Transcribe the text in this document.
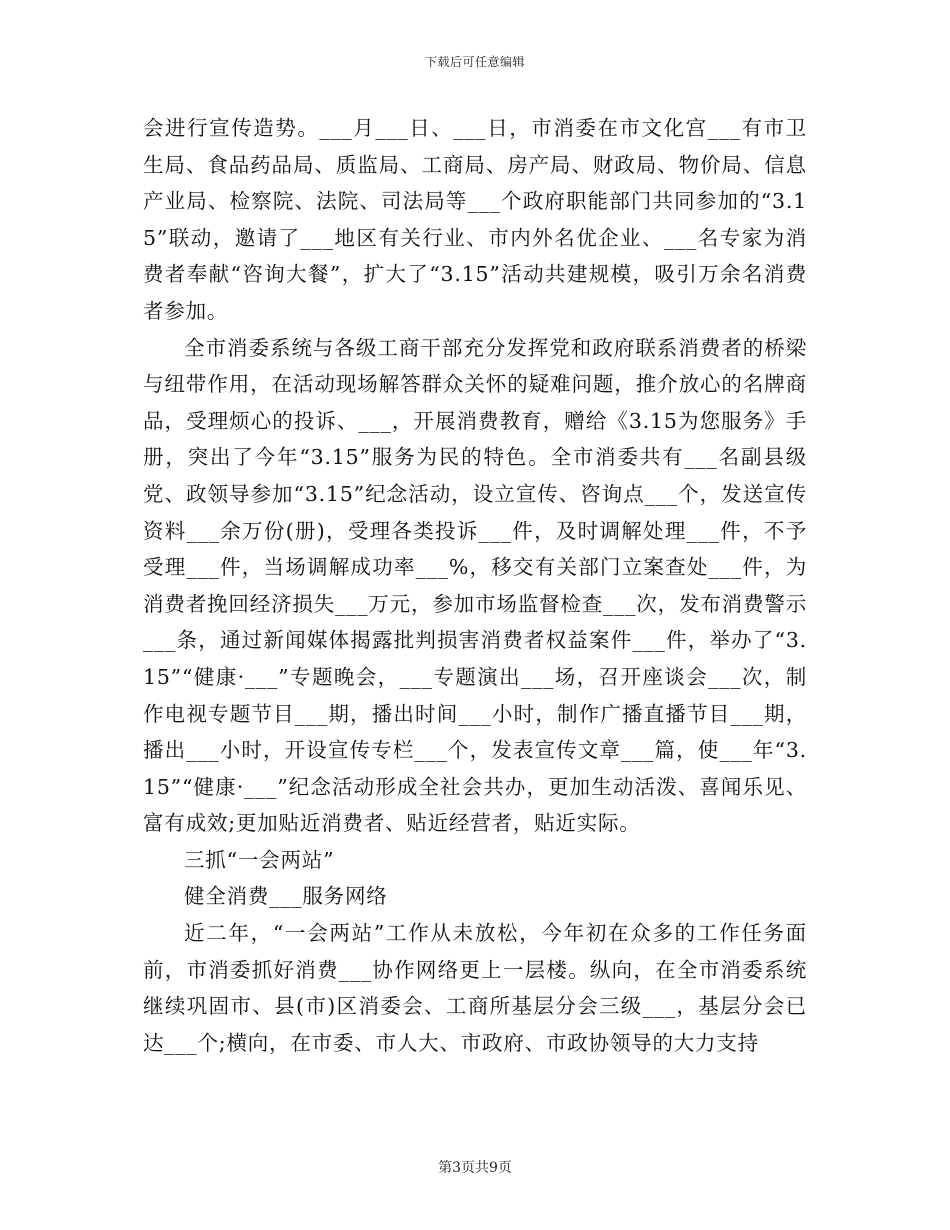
下载后可任意编辑

会进行宣传造势。___月___日、___日，市消委在市文化宫___有市卫生局、食品药品局、质监局、工商局、房产局、财政局、物价局、信息产业局、检察院、法院、司法局等___个政府职能部门共同参加的“3.15”联动，邀请了___地区有关行业、市内外名优企业、___名专家为消费者奉献“咨询大餐”，扩大了“3.15”活动共建规模，吸引万余名消费者参加。

全市消委系统与各级工商干部充分发挥党和政府联系消费者的桥梁与纽带作用，在活动现场解答群众关怀的疑难问题，推介放心的名牌商品，受理烦心的投诉、___，开展消费教育，赠给《3.15为您服务》手册，突出了今年“3.15”服务为民的特色。全市消委共有___名副县级党、政领导参加“3.15”纪念活动，设立宣传、咨询点___个，发送宣传资料___余万份(册)，受理各类投诉___件，及时调解处理___件，不予受理___件，当场调解成功率___%，移交有关部门立案查处___件，为消费者挽回经济损失___万元，参加市场监督检查___次，发布消费警示___条，通过新闻媒体揭露批判损害消费者权益案件___件，举办了“3.15”“健康·___”专题晚会，___专题演出___场，召开座谈会___次，制作电视专题节目___期，播出时间___小时，制作广播直播节目___期，播出___小时，开设宣传专栏___个，发表宣传文章___篇，使___年“3.15”“健康·___”纪念活动形成全社会共办，更加生动活泼、喜闻乐见、富有成效;更加贴近消费者、贴近经营者，贴近实际。

三抓“一会两站”

健全消费___服务网络

近二年，“一会两站”工作从未放松，今年初在众多的工作任务面前，市消委抓好消费___协作网络更上一层楼。纵向，在全市消委系统继续巩固市、县(市)区消委会、工商所基层分会三级___，基层分会已达___个;横向，在市委、市人大、市政府、市政协领导的大力支持

第3页共9页
